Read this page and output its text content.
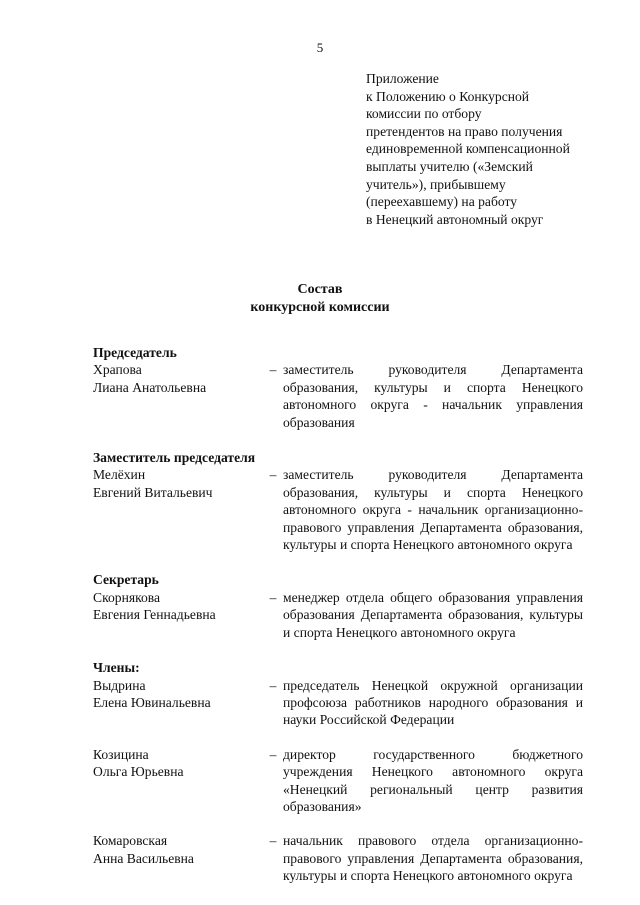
5
Приложение
к Положению о Конкурсной
комиссии по отбору
претендентов на право получения
единовременной компенсационной
выплаты учителю («Земский
учитель»), прибывшему
(переехавшему) на работу
в Ненецкий автономный округ
Состав
конкурсной комиссии
Председатель
Храпова
Лиана Анатольевна
– заместитель руководителя Департамента образования, культуры и спорта Ненецкого автономного округа - начальник управления образования
Заместитель председателя
Мелёхин
Евгений Витальевич
– заместитель руководителя Департамента образования, культуры и спорта Ненецкого автономного округа - начальник организационно-правового управления Департамента образования, культуры и спорта Ненецкого автономного округа
Секретарь
Скорнякова
Евгения Геннадьевна
– менеджер отдела общего образования управления образования Департамента образования, культуры и спорта Ненецкого автономного округа
Члены:
Выдрина
Елена Ювинальевна
– председатель Ненецкой окружной организации профсоюза работников народного образования и науки Российской Федерации
Козицина
Ольга Юрьевна
– директор государственного бюджетного учреждения Ненецкого автономного округа «Ненецкий региональный центр развития образования»
Комаровская
Анна Васильевна
– начальник правового отдела организационно-правового управления Департамента образования, культуры и спорта Ненецкого автономного округа
